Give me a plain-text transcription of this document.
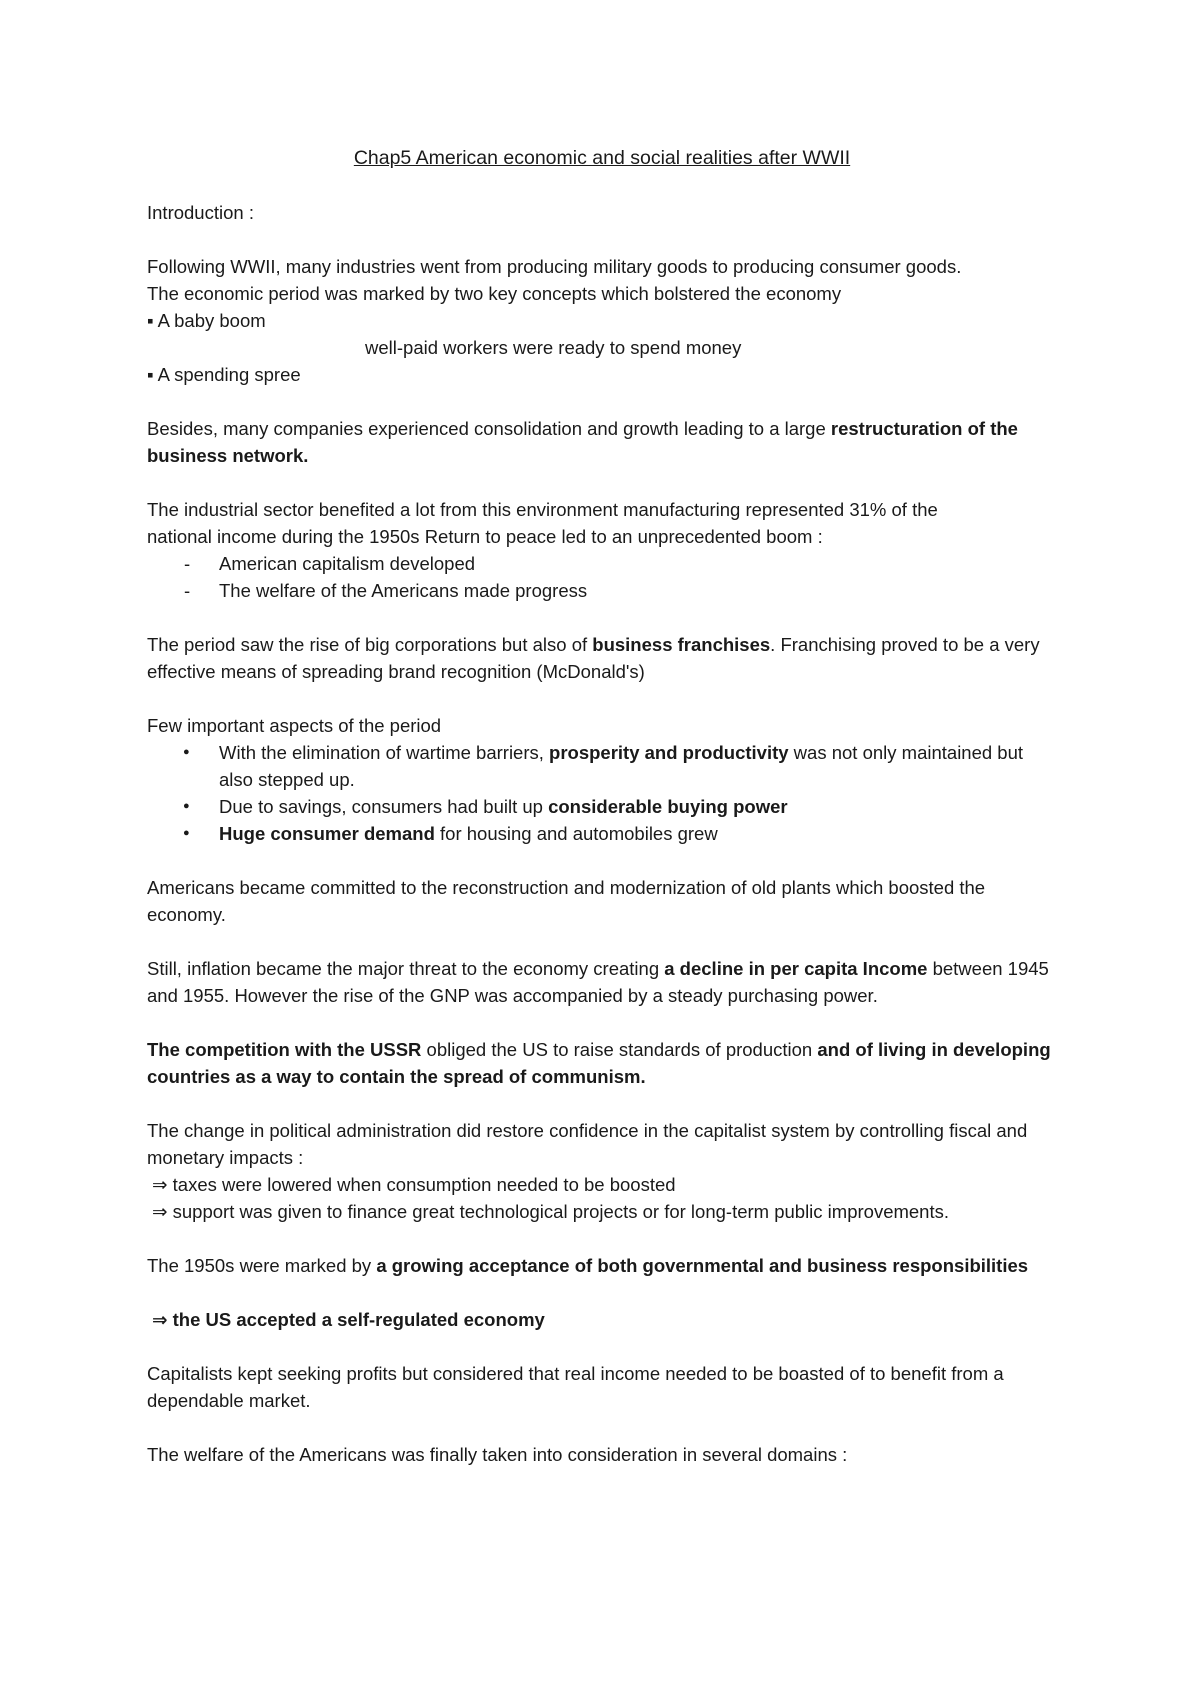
Chap5 American economic and social realities after WWII

Introduction :

Following WWII, many industries went from producing military goods to producing consumer goods.

The economic period was marked by two key concepts which bolstered the economy

▪ A baby boom

well-paid workers were ready to spend money

▪ A spending spree

Besides, many companies experienced consolidation and growth leading to a large restructuration of the business network.

The industrial sector benefited a lot from this environment manufacturing represented 31% of the

national income during the 1950s Return to peace led to an unprecedented boom :

- American capitalism developed
- The welfare of the Americans made progress

The period saw the rise of big corporations but also of business franchises. Franchising proved to be a very effective means of spreading brand recognition (McDonald's)

Few important aspects of the period

● With the elimination of wartime barriers, prosperity and productivity was not only maintained but also stepped up.
● Due to savings, consumers had built up considerable buying power
● Huge consumer demand for housing and automobiles grew

Americans became committed to the reconstruction and modernization of old plants which boosted the economy.

Still, inflation became the major threat to the economy creating a decline in per capita Income between 1945 and 1955. However the rise of the GNP was accompanied by a steady purchasing power.

The competition with the USSR obliged the US to raise standards of production and of living in developing countries as a way to contain the spread of communism.

The change in political administration did restore confidence in the capitalist system by controlling fiscal and monetary impacts :

⇒ taxes were lowered when consumption needed to be boosted

⇒ support was given to finance great technological projects or for long-term public improvements.

The 1950s were marked by a growing acceptance of both governmental and business responsibilities

⇒ the US accepted a self-regulated economy

Capitalists kept seeking profits but considered that real income needed to be boasted of to benefit from a dependable market.

The welfare of the Americans was finally taken into consideration in several domains :
